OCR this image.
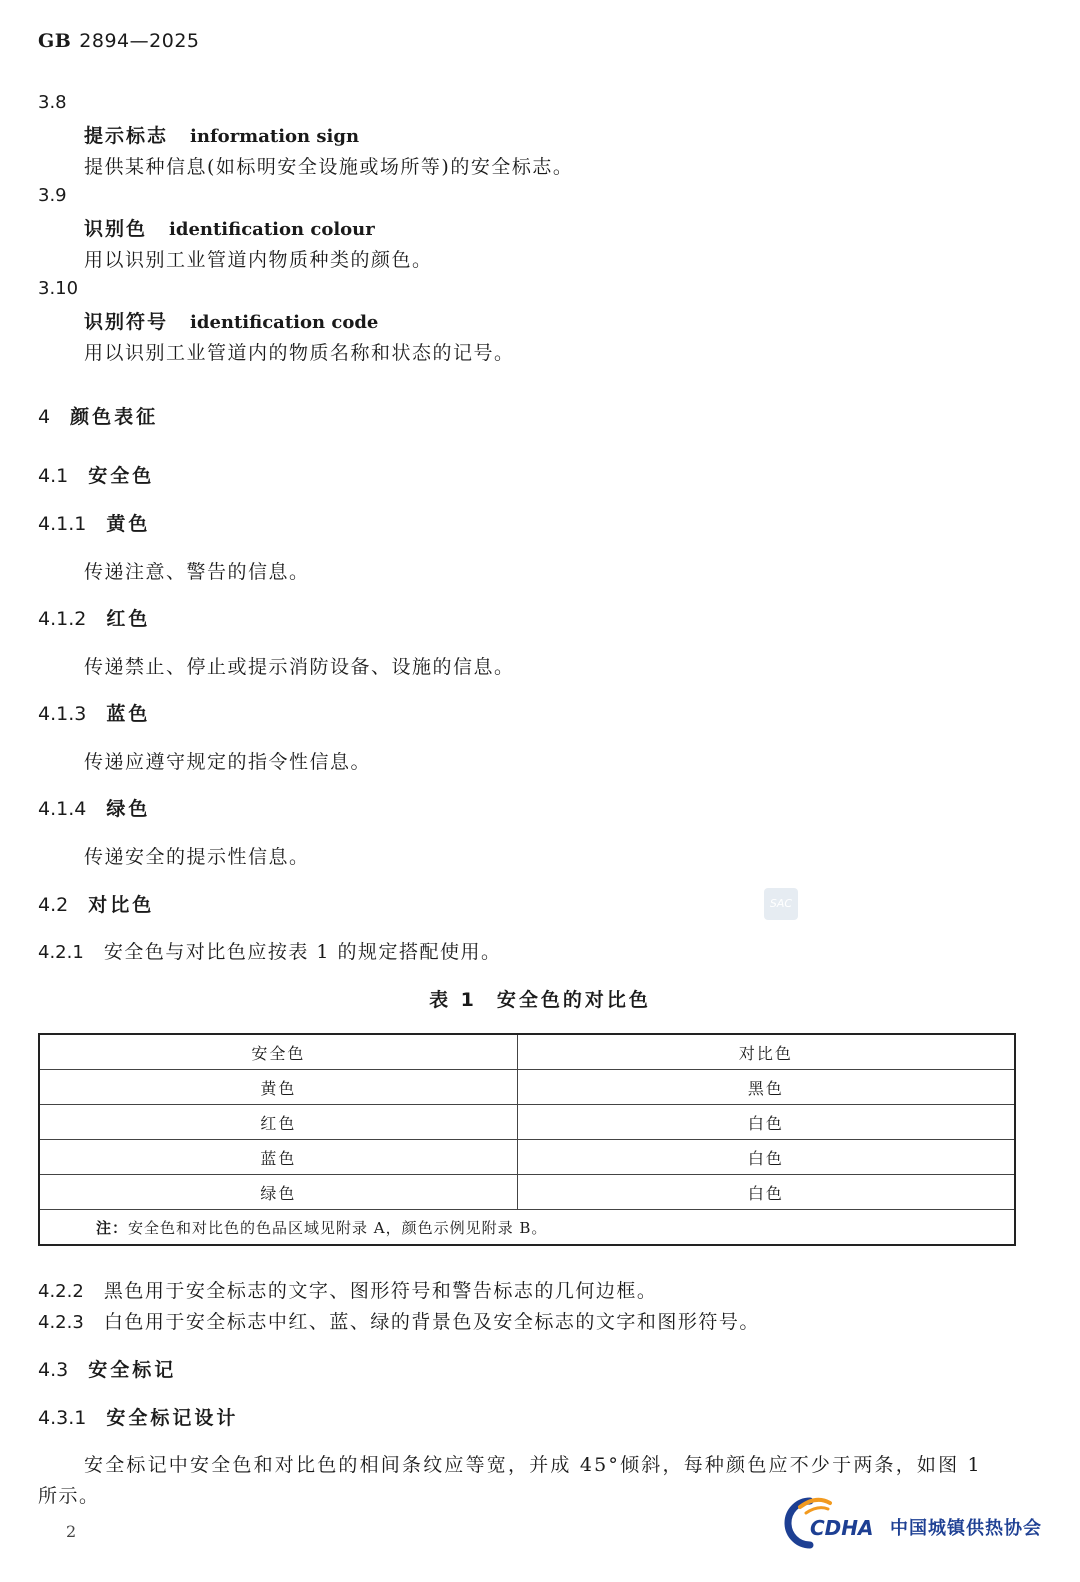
GB 2894—2025
3.8
提示标志 information sign
提供某种信息(如标明安全设施或场所等)的安全标志。
3.9
识别色 identification colour
用以识别工业管道内物质种类的颜色。
3.10
识别符号 identification code
用以识别工业管道内的物质名称和状态的记号。
4 颜色表征
4.1 安全色
4.1.1 黄色
传递注意、警告的信息。
4.1.2 红色
传递禁止、停止或提示消防设备、设施的信息。
4.1.3 蓝色
传递应遵守规定的指令性信息。
4.1.4 绿色
传递安全的提示性信息。
4.2 对比色	SAC
4.2.1 安全色与对比色应按表 1 的规定搭配使用。
表 1 安全色的对比色
安全色	对比色
黄色	黑色
红色	白色
蓝色	白色
绿色	白色
注：安全色和对比色的色品区域见附录 A，颜色示例见附录 B。	
4.2.2 黑色用于安全标志的文字、图形符号和警告标志的几何边框。
4.2.3 白色用于安全标志中红、蓝、绿的背景色及安全标志的文字和图形符号。
4.3 安全标记
4.3.1 安全标记设计
安全标记中安全色和对比色的相间条纹应等宽，并成 45°倾斜，每种颜色应不少于两条，如图 1
所示。
2	CDHA 中国城镇供热协会
